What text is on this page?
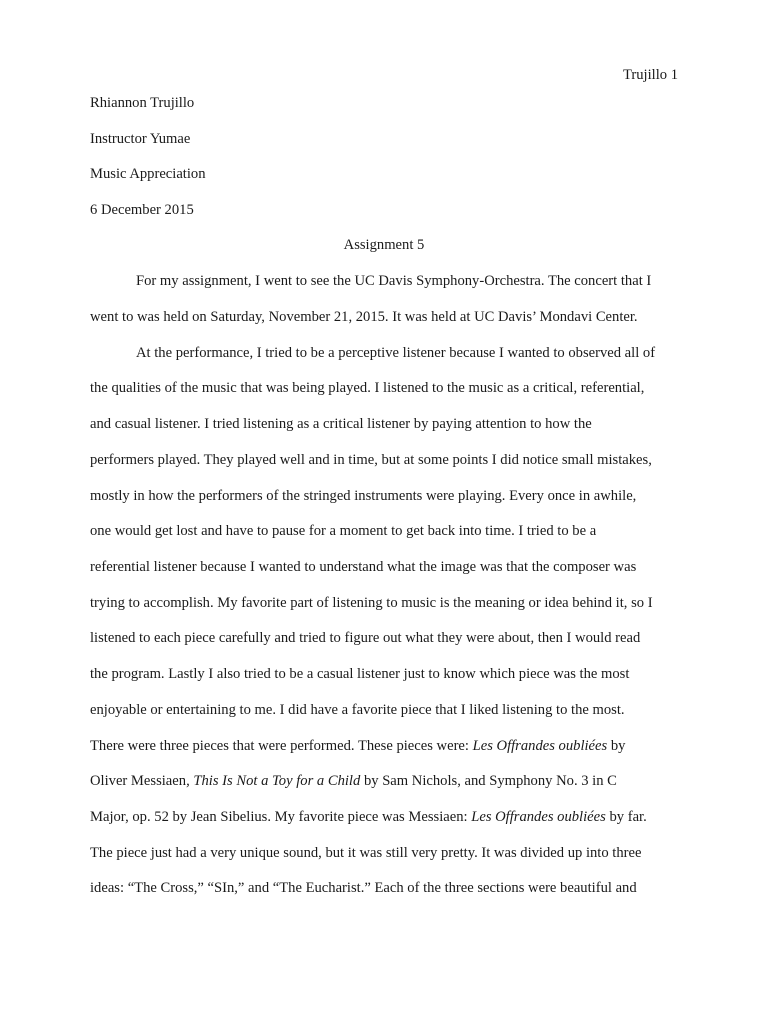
Trujillo 1
Rhiannon Trujillo
Instructor Yumae
Music Appreciation
6 December 2015
Assignment 5
For my assignment, I went to see the UC Davis Symphony-Orchestra. The concert that I
went to was held on Saturday, November 21, 2015. It was held at UC Davis’ Mondavi Center.
At the performance, I tried to be a perceptive listener because I wanted to observed all of
the qualities of the music that was being played. I listened to the music as a critical, referential,
and casual listener. I tried listening as a critical listener by paying attention to how the
performers played. They played well and in time, but at some points I did notice small mistakes,
mostly in how the performers of the stringed instruments were playing. Every once in awhile,
one would get lost and have to pause for a moment to get back into time. I tried to be a
referential listener because I wanted to understand what the image was that the composer was
trying to accomplish. My favorite part of listening to music is the meaning or idea behind it, so I
listened to each piece carefully and tried to figure out what they were about, then I would read
the program. Lastly I also tried to be a casual listener just to know which piece was the most
enjoyable or entertaining to me. I did have a favorite piece that I liked listening to the most.
There were three pieces that were performed. These pieces were: Les Offrandes oubliées by
Oliver Messiaen, This Is Not a Toy for a Child by Sam Nichols, and Symphony No. 3 in C
Major, op. 52 by Jean Sibelius. My favorite piece was Messiaen: Les Offrandes oubliées by far.
The piece just had a very unique sound, but it was still very pretty. It was divided up into three
ideas: “The Cross,” “SIn,” and “The Eucharist.” Each of the three sections were beautiful and
